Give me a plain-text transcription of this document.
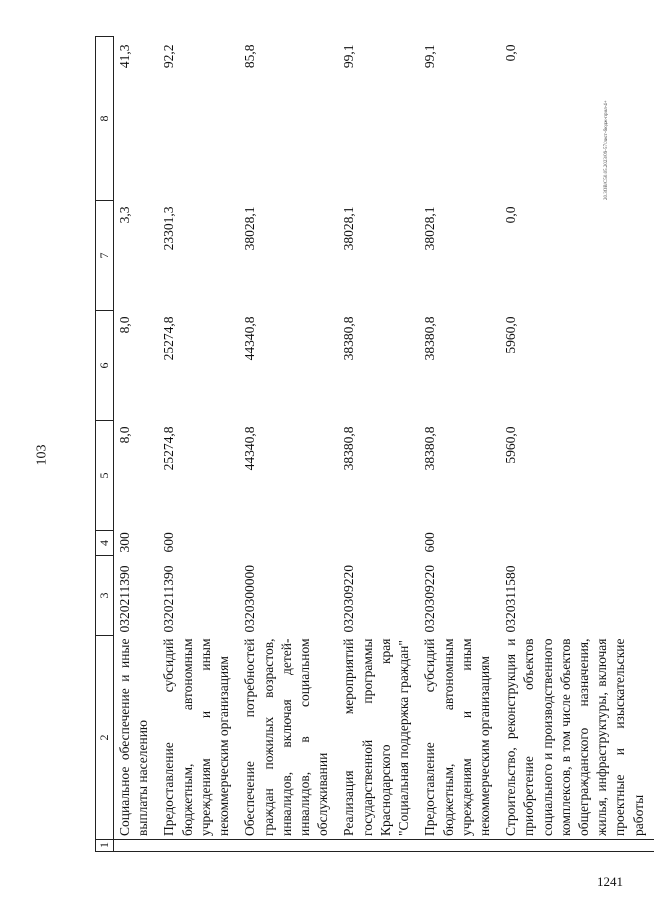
103
20.3ОВ/С50.05.2023/09-57/лист-бюдж-прил-4+
1241
1	2	3	4	5	6	7	8
	Социальное обеспечение и иные выплаты населению	0320211390	300	8,0	8,0	3,3	41,3
	Предоставление субсидий бюджетным, автономным учреждениям и иным некоммерческим организациям	0320211390	600	25274,8	25274,8	23301,3	92,2
	Обеспечение потребностей граждан пожилых возрастов, инвалидов, включая детей-инвалидов, в социальном обслуживании	0320300000		44340,8	44340,8	38028,1	85,8
	Реализация мероприятий государственной программы Краснодарского края "Социальная поддержка граждан"	0320309220		38380,8	38380,8	38028,1	99,1
	Предоставление субсидий бюджетным, автономным учреждениям и иным некоммерческим организациям	0320309220	600	38380,8	38380,8	38028,1	99,1
	Строительство, реконструкция и приобретение объектов социального и производственного комплексов, в том числе объектов общегражданского назначения, жилья, инфраструктуры, включая проектные и изыскательские работы	0320311580		5960,0	5960,0	0,0	0,0
